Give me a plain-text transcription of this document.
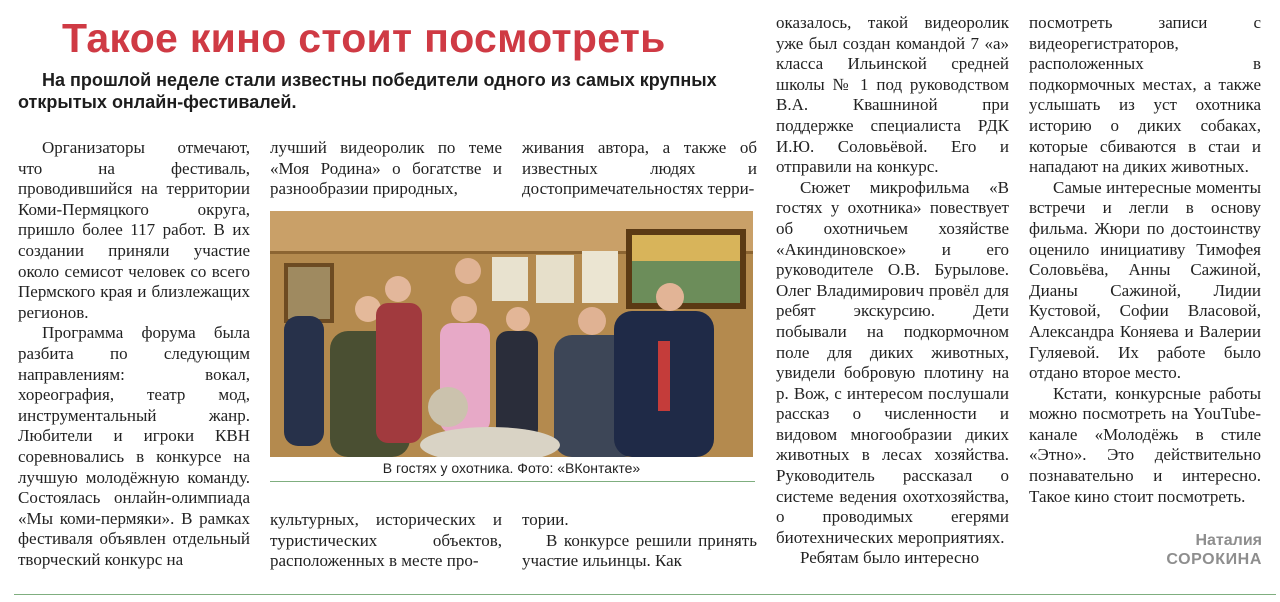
Такое кино стоит посмотреть

На прошлой неделе стали известны победители одного из самых крупных открытых онлайн-фестивалей.

Организаторы отмечают, что на фестиваль, проводившийся на территории Коми-Пермяцкого округа, пришло более 117 работ. В их создании приняли участие около семисот человек со всего Пермского края и близлежащих регионов.

Программа форума была разбита по следующим направлениям: вокал, хореография, театр мод, инструментальный жанр. Любители и игроки КВН соревновались в конкурсе на лучшую молодёжную команду. Состоялась онлайн-олимпиада «Мы коми-пермяки». В рамках фестиваля объявлен отдельный творческий конкурс на

лучший видеоролик по теме «Моя Родина» о богатстве и разнообразии природных,

живания автора, а также об известных людях и достопримечательностях терри-

В гостях у охотника. Фото: «ВКонтакте»

культурных, исторических и туристических объектов, расположенных в месте про-

тории.

В конкурсе решили принять участие ильинцы. Как

оказалось, такой видеоролик уже был создан командой 7 «а» класса Ильинской средней школы № 1 под руководством В.А. Квашниной при поддержке специалиста РДК И.Ю. Соловьёвой. Его и отправили на конкурс.

Сюжет микрофильма «В гостях у охотника» повествует об охотничьем хозяйстве «Акиндиновское» и его руководителе О.В. Бурылове. Олег Владимирович провёл для ребят экскурсию. Дети побывали на подкормочном поле для диких животных, увидели бобровую плотину на р. Вож, с интересом послушали рассказ о численности и видовом многообразии диких животных в лесах хозяйства. Руководитель рассказал о системе ведения охотхозяйства, о проводимых егерями биотехнических мероприятиях.

Ребятам было интересно

посмотреть записи с видеорегистраторов, расположенных в подкормочных местах, а также услышать из уст охотника историю о диких собаках, которые сбиваются в стаи и нападают на диких животных.

Самые интересные моменты встречи и легли в основу фильма. Жюри по достоинству оценило инициативу Тимофея Соловьёва, Анны Сажиной, Дианы Сажиной, Лидии Кустовой, Софии Власовой, Александра Коняева и Валерии Гуляевой. Их работе было отдано второе место.

Кстати, конкурсные работы можно посмотреть на YouTube-канале «Молодёжь в стиле «Этно». Это действительно познавательно и интересно. Такое кино стоит посмотреть.

Наталия
СОРОКИНА
